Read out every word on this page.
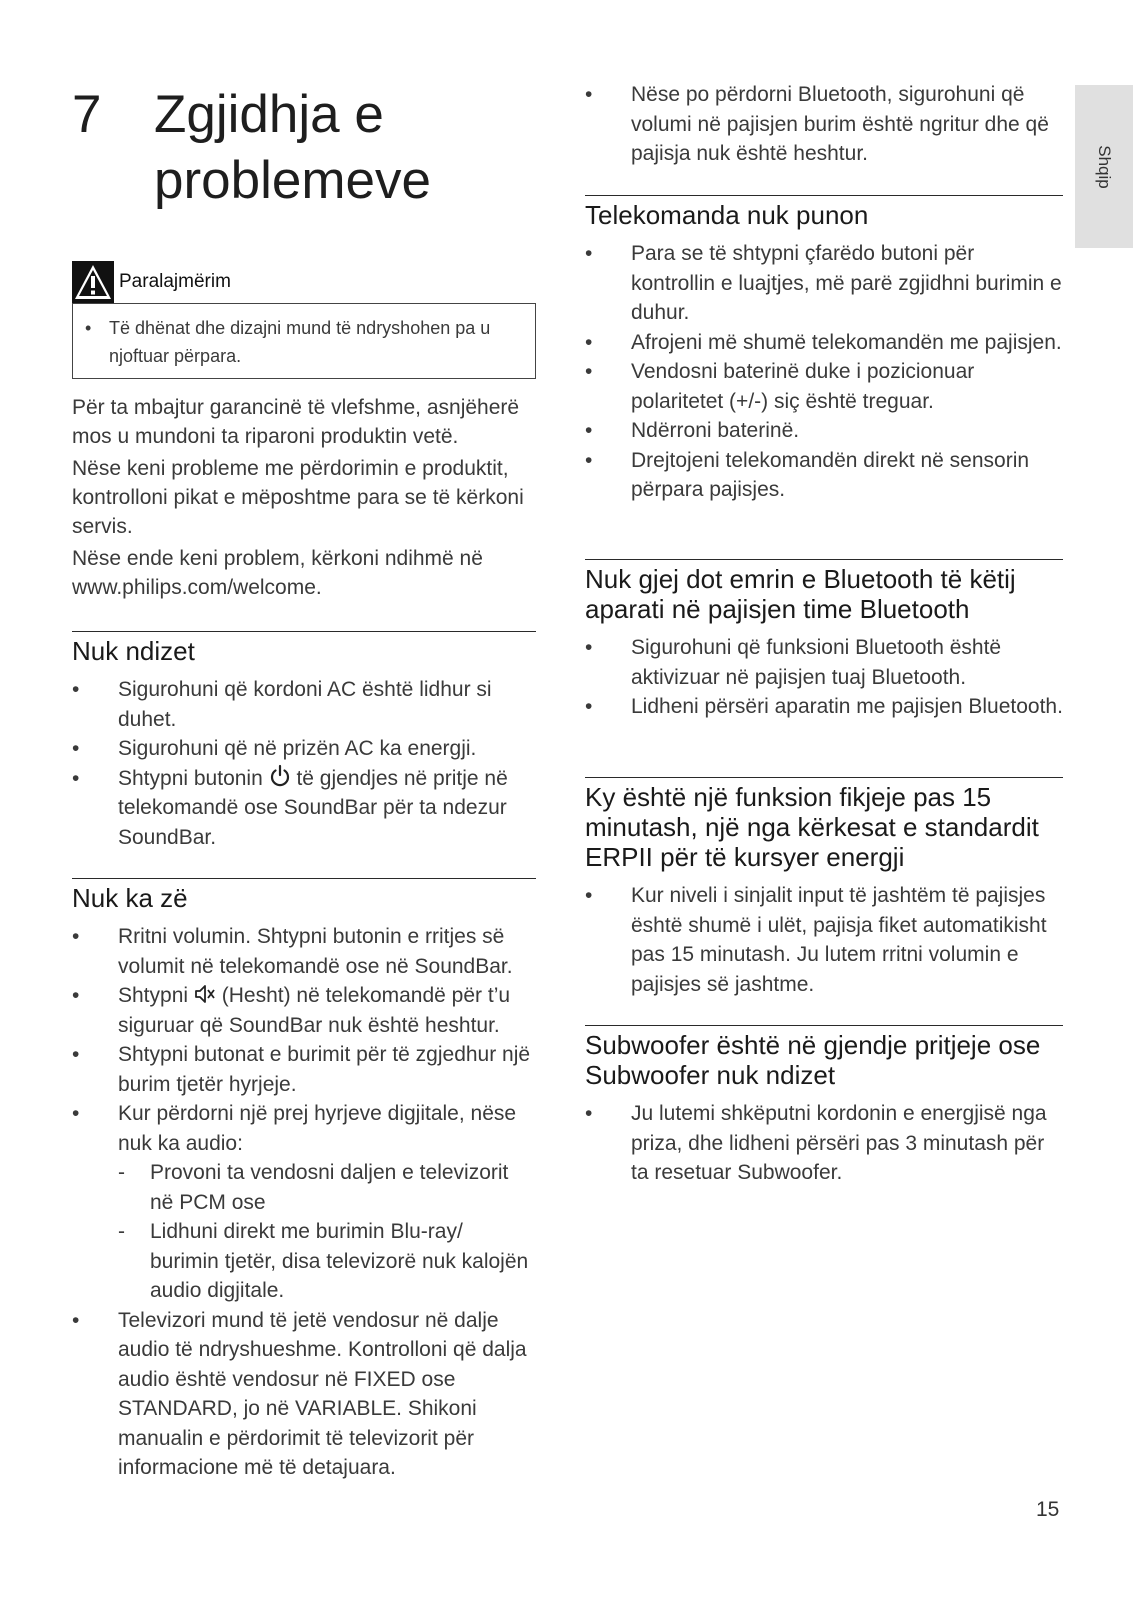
7 Zgjidhja e problemeve
Paralajmërim
• Të dhënat dhe dizajni mund të ndryshohen pa u njoftuar përpara.

Për ta mbajtur garancinë të vlefshme, asnjëherë mos u mundoni ta riparoni produktin vetë.

Nëse keni probleme me përdorimin e produktit, kontrolloni pikat e mëposhtme para se të kërkoni servis.

Nëse ende keni problem, kërkoni ndihmë në www.philips.com/welcome.

Nuk ndizet
•	Sigurohuni që kordoni AC është lidhur si duhet.
•	Sigurohuni që në prizën AC ka energji.
•	Shtypni butonin  të gjendjes në pritje në telekomandë ose SoundBar për ta ndezur SoundBar.
Nuk ka zë
•	Rritni volumin. Shtypni butonin e rritjes së volumit në telekomandë ose në SoundBar.
•	Shtypni  (Hesht) në telekomandë për t’u siguruar që SoundBar nuk është heshtur.
•	Shtypni butonat e burimit për të zgjedhur një burim tjetër hyrjeje.
•	Kur përdorni një prej hyrjeve digjitale, nëse nuk ka audio:
-	Provoni ta vendosni daljen e televizorit në PCM ose
-	Lidhuni direkt me burimin Blu-ray/ burimin tjetër, disa televizorë nuk kalojën audio digjitale.
•	Televizori mund të jetë vendosur në dalje audio të ndryshueshme. Kontrolloni që dalja audio është vendosur në FIXED ose STANDARD, jo në VARIABLE. Shikoni manualin e përdorimit të televizorit për informacione më të detajuara.
•	Nëse po përdorni Bluetooth, sigurohuni që volumi në pajisjen burim është ngritur dhe që pajisja nuk është heshtur.
Telekomanda nuk punon
•	Para se të shtypni çfarëdo butoni për kontrollin e luajtjes, më parë zgjidhni burimin e duhur.
•	Afrojeni më shumë telekomandën me pajisjen.
•	Vendosni baterinë duke i pozicionuar polaritetet (+/-) siç është treguar.
•	Ndërroni baterinë.
•	Drejtojeni telekomandën direkt në sensorin përpara pajisjes.
Nuk gjej dot emrin e Bluetooth të këtij aparati në pajisjen time Bluetooth
•	Sigurohuni që funksioni Bluetooth është aktivizuar në pajisjen tuaj Bluetooth.
•	Lidheni përsëri aparatin me pajisjen Bluetooth.
Ky është një funksion fikjeje pas 15 minutash, një nga kërkesat e standardit ERPII për të kursyer energji
•	Kur niveli i sinjalit input të jashtëm të pajisjes është shumë i ulët, pajisja fiket automatikisht pas 15 minutash. Ju lutem rritni volumin e pajisjes së jashtme.
Subwoofer është në gjendje pritjeje ose Subwoofer nuk ndizet
•	Ju lutemi shkëputni kordonin e energjisë nga priza, dhe lidheni përsëri pas 3 minutash për ta resetuar Subwoofer.
Shqip
15
